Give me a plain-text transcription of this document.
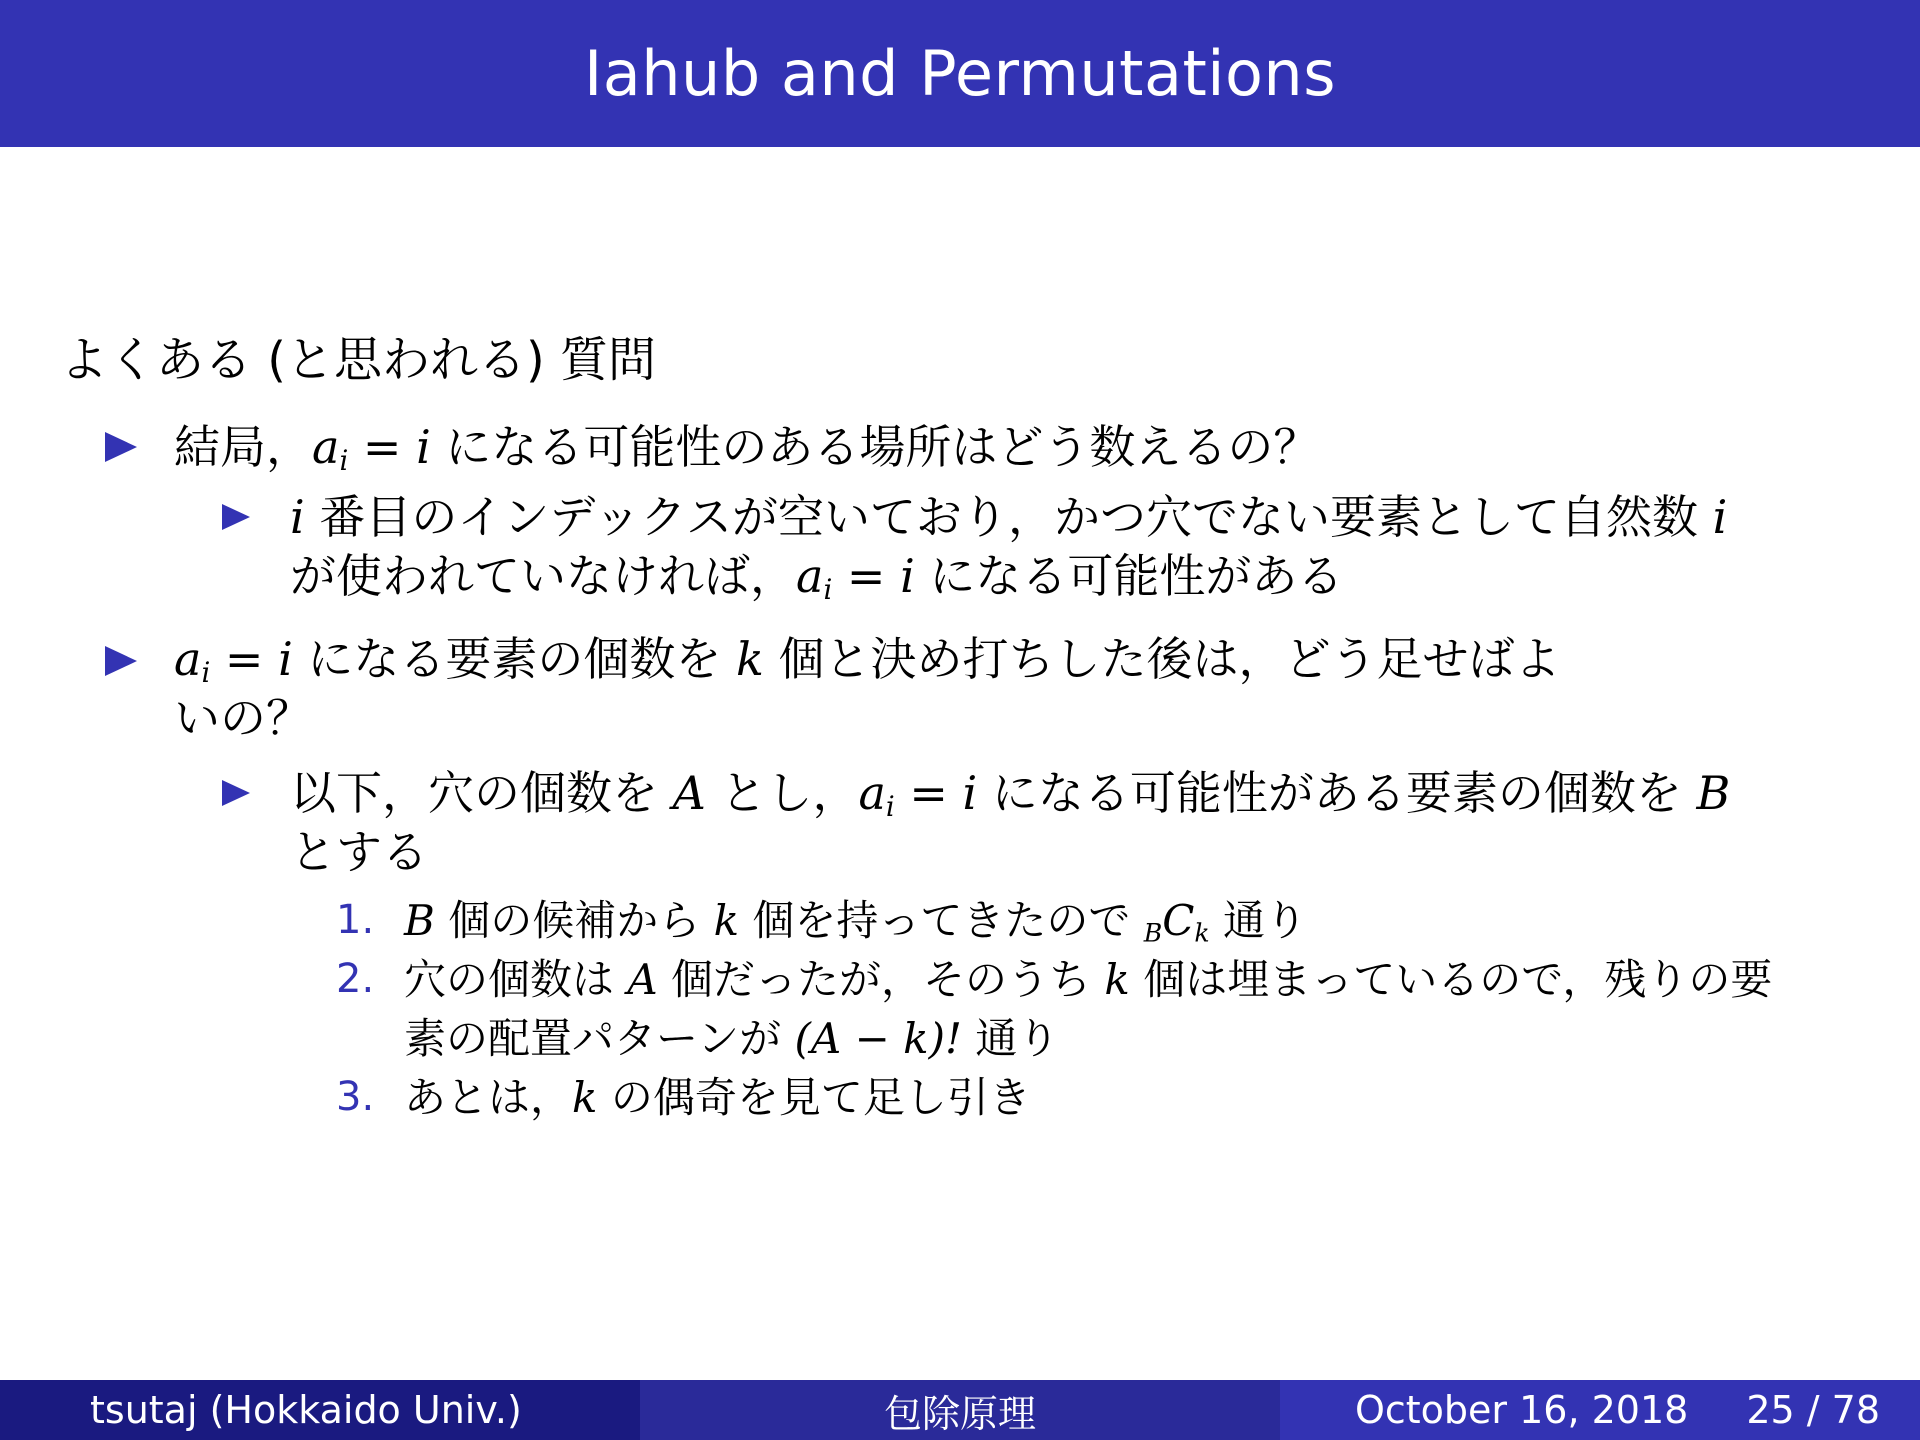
Iahub and Permutations
よくある (と思われる) 質問
結局，$a_i = i$ になる可能性のある場所はどう数えるの？
i 番目のインデックスが空いており，かつ穴でない要素として自然数 i
が使われていなければ，$a_i = i$ になる可能性がある
$a_i = i$ になる要素の個数を k 個と決め打ちした後は，どう足せばよ
いの？
以下，穴の個数を A とし，$a_i = i$ になる可能性がある要素の個数を B
とする
1. B 個の候補から k 個を持ってきたので $_BC_k$ 通り
2. 穴の個数は A 個だったが，そのうち k 個は埋まっているので，残りの要
素の配置パターンが (A − k)! 通り
3. あとは，k の偶奇を見て足し引き
tsutaj (Hokkaido Univ.)	包除原理	October 16, 2018 25 / 78
